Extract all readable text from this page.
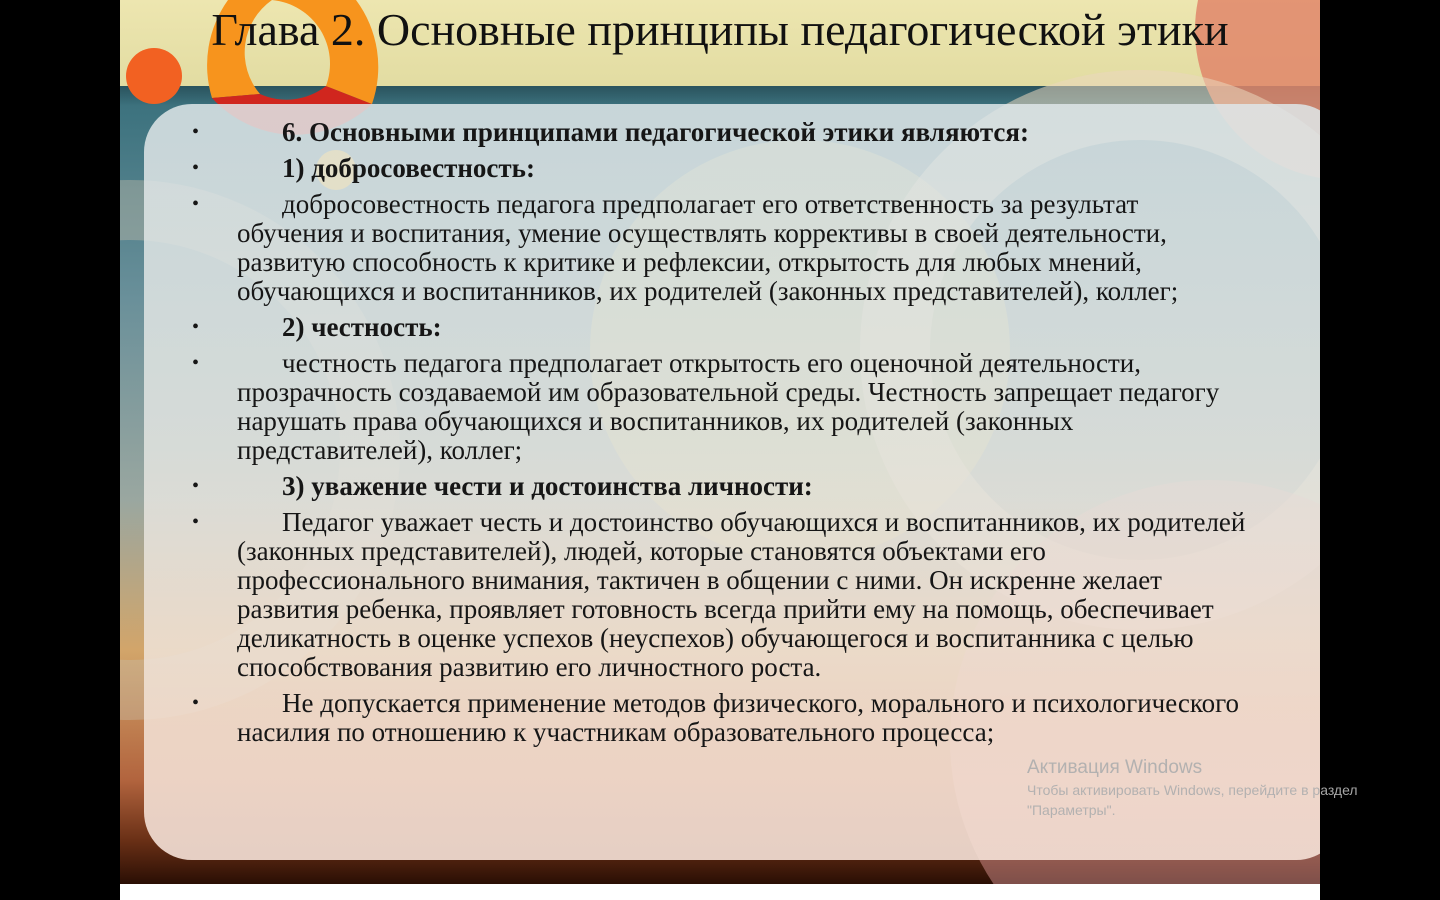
Глава 2. Основные принципы педагогической этики
•	6. Основными принципами педагогической этики являются:
•	1) добросовестность:
•	добросовестность педагога предполагает его ответственность за результат обучения и воспитания, умение осуществлять коррективы в своей деятельности, развитую способность к критике и рефлексии, открытость для любых мнений, обучающихся и воспитанников, их родителей (законных представителей), коллег;
•	2) честность:
•	честность педагога предполагает открытость его оценочной деятельности, прозрачность создаваемой им образовательной среды. Честность запрещает педагогу нарушать права обучающихся и воспитанников, их родителей (законных представителей), коллег;
•	3) уважение чести и достоинства личности:
•	Педагог уважает честь и достоинство обучающихся и воспитанников, их родителей (законных представителей), людей, которые становятся объектами его профессионального внимания, тактичен в общении с ними. Он искренне желает развития ребенка, проявляет готовность всегда прийти ему на помощь, обеспечивает деликатность в оценке успехов (неуспехов) обучающегося и воспитанника с целью способствования развитию его личностного роста.
•	Не допускается применение методов физического, морального и психологического насилия по отношению к участникам образовательного процесса;

Активация Windows

Чтобы активировать Windows, перейдите в раздел

"Параметры".
